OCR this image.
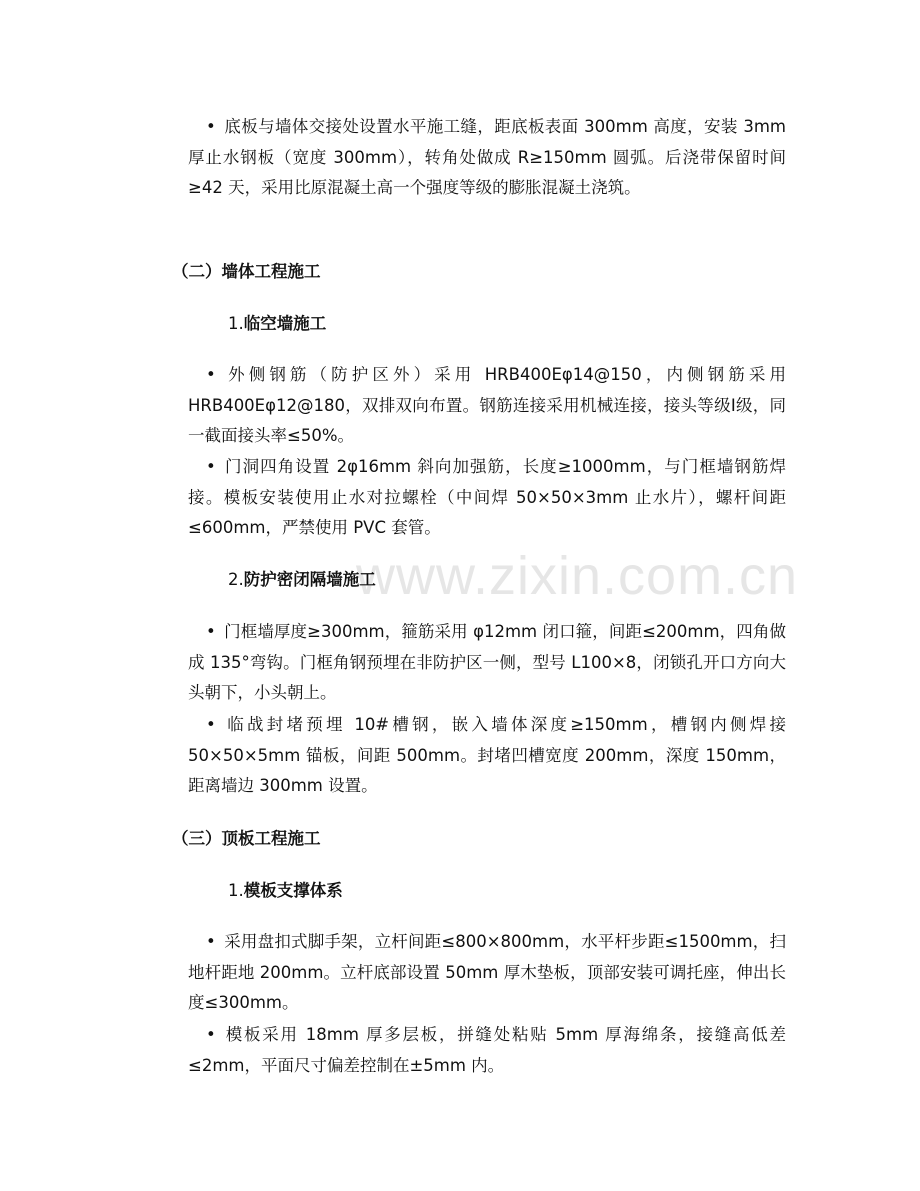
www.zixin.com.cn

• 底板与墙体交接处设置水平施工缝，距底板表面 300mm 高度，安装 3mm 厚止水钢板（宽度 300mm），转角处做成 R≥150mm 圆弧。后浇带保留时间≥42 天，采用比原混凝土高一个强度等级的膨胀混凝土浇筑。

（二）墙体工程施工

1.临空墙施工

• 外侧钢筋（防护区外）采用 HRB400Eφ14@150，内侧钢筋采用 HRB400Eφ12@180，双排双向布置。钢筋连接采用机械连接，接头等级Ⅰ级，同一截面接头率≤50%。

• 门洞四角设置 2φ16mm 斜向加强筋，长度≥1000mm，与门框墙钢筋焊接。模板安装使用止水对拉螺栓（中间焊 50×50×3mm 止水片），螺杆间距≤600mm，严禁使用 PVC 套管。

2.防护密闭隔墙施工

• 门框墙厚度≥300mm，箍筋采用 φ12mm 闭口箍，间距≤200mm，四角做成 135°弯钩。门框角钢预埋在非防护区一侧，型号 L100×8，闭锁孔开口方向大头朝下，小头朝上。

• 临战封堵预埋 10#槽钢，嵌入墙体深度≥150mm，槽钢内侧焊接 50×50×5mm 锚板，间距 500mm。封堵凹槽宽度 200mm，深度 150mm，距离墙边 300mm 设置。

（三）顶板工程施工

1.模板支撑体系

• 采用盘扣式脚手架，立杆间距≤800×800mm，水平杆步距≤1500mm，扫地杆距地 200mm。立杆底部设置 50mm 厚木垫板，顶部安装可调托座，伸出长度≤300mm。

• 模板采用 18mm 厚多层板，拼缝处粘贴 5mm 厚海绵条，接缝高低差≤2mm，平面尺寸偏差控制在±5mm 内。
